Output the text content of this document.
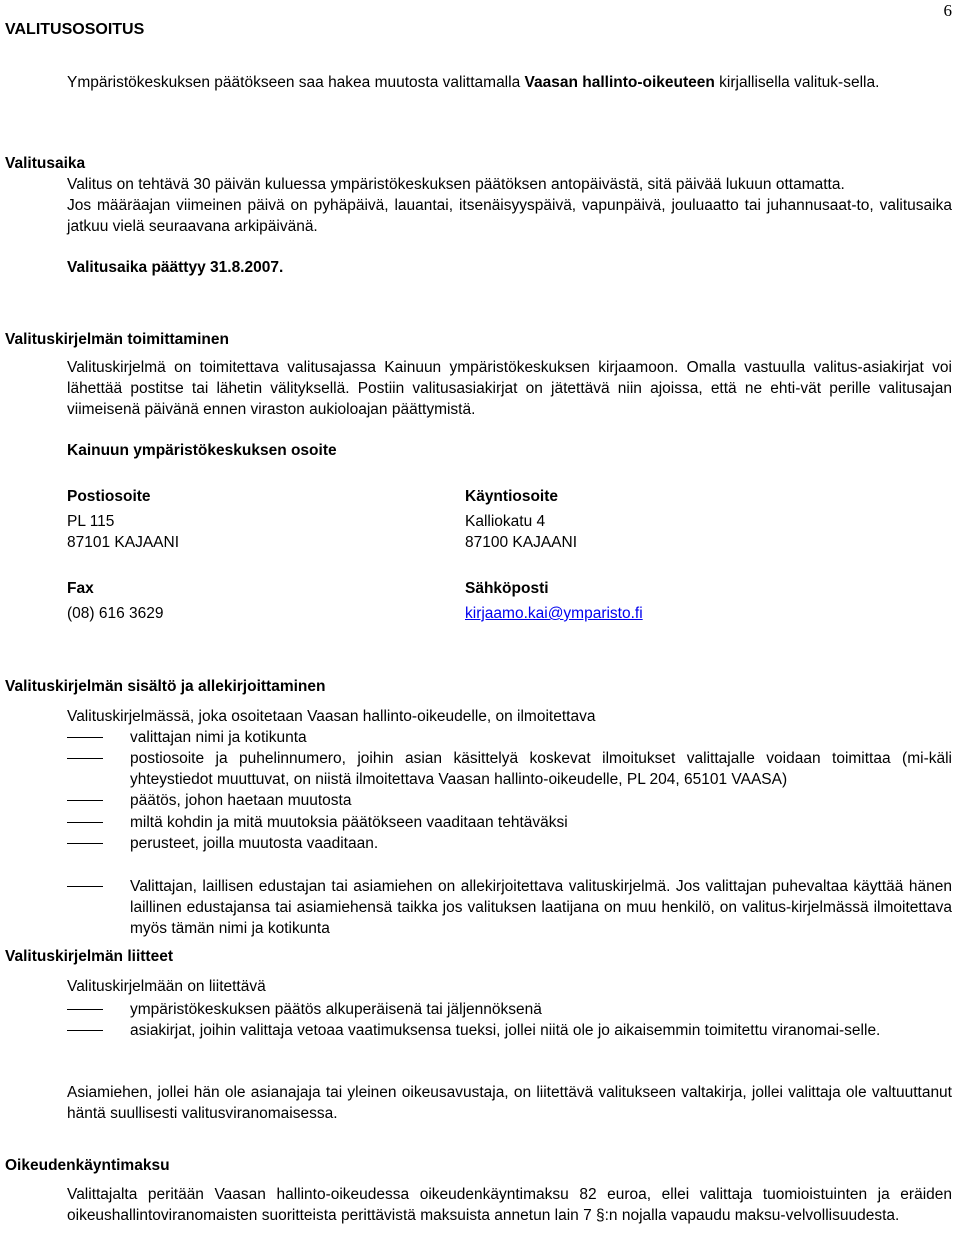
6
VALITUSOSOITUS
Ympäristökeskuksen päätökseen saa hakea muutosta valittamalla Vaasan hallinto-oikeuteen kirjallisella valituk-sella.
Valitusaika
Valitus on tehtävä 30 päivän kuluessa ympäristökeskuksen päätöksen antopäivästä, sitä päivää lukuun ottamatta.
Jos määräajan viimeinen päivä on pyhäpäivä, lauantai, itsenäisyyspäivä, vapunpäivä, jouluaatto tai juhannusaat-to, valitusaika jatkuu vielä seuraavana arkipäivänä.
Valitusaika päättyy 31.8.2007.
Valituskirjelmän toimittaminen
Valituskirjelmä on toimitettava valitusajassa Kainuun ympäristökeskuksen kirjaamoon. Omalla vastuulla valitus-asiakirjat voi lähettää postitse tai lähetin välityksellä. Postiin valitusasiakirjat on jätettävä niin ajoissa, että ne ehti-vät perille valitusajan viimeisenä päivänä ennen viraston aukioloajan päättymistä.
Kainuun ympäristökeskuksen osoite
Postiosoite	Käyntiosoite
PL 115	Kalliokatu 4
87101 KAJAANI	87100 KAJAANI
Fax	Sähköposti
(08) 616 3629	kirjaamo.kai@ymparisto.fi
Valituskirjelmän sisältö ja allekirjoittaminen
Valituskirjelmässä, joka osoitetaan Vaasan hallinto-oikeudelle, on ilmoitettava
valittajan nimi ja kotikunta
postiosoite ja puhelinnumero, joihin asian käsittelyä koskevat ilmoitukset valittajalle voidaan toimittaa (mi-käli yhteystiedot muuttuvat, on niistä ilmoitettava Vaasan hallinto-oikeudelle, PL 204, 65101 VAASA)
päätös, johon haetaan muutosta
miltä kohdin ja mitä muutoksia päätökseen vaaditaan tehtäväksi
perusteet, joilla muutosta vaaditaan.
Valittajan, laillisen edustajan tai asiamiehen on allekirjoitettava valituskirjelmä. Jos valittajan puhevaltaa käyttää hänen laillinen edustajansa tai asiamiehensä taikka jos valituksen laatijana on muu henkilö, on valitus-kirjelmässä ilmoitettava myös tämän nimi ja kotikunta
Valituskirjelmän liitteet
Valituskirjelmään on liitettävä
ympäristökeskuksen päätös alkuperäisenä tai jäljennöksenä
asiakirjat, joihin valittaja vetoaa vaatimuksensa tueksi, jollei niitä ole jo aikaisemmin toimitettu viranomai-selle.
Asiamiehen, jollei hän ole asianajaja tai yleinen oikeusavustaja, on liitettävä valitukseen valtakirja, jollei valittaja ole valtuuttanut häntä suullisesti valitusviranomaisessa.
Oikeudenkäyntimaksu
Valittajalta peritään Vaasan hallinto-oikeudessa oikeudenkäyntimaksu 82 euroa, ellei valittaja tuomioistuinten ja eräiden oikeushallintoviranomaisten suoritteista perittävistä maksuista annetun lain 7 §:n nojalla vapaudu maksu-velvollisuudesta.
